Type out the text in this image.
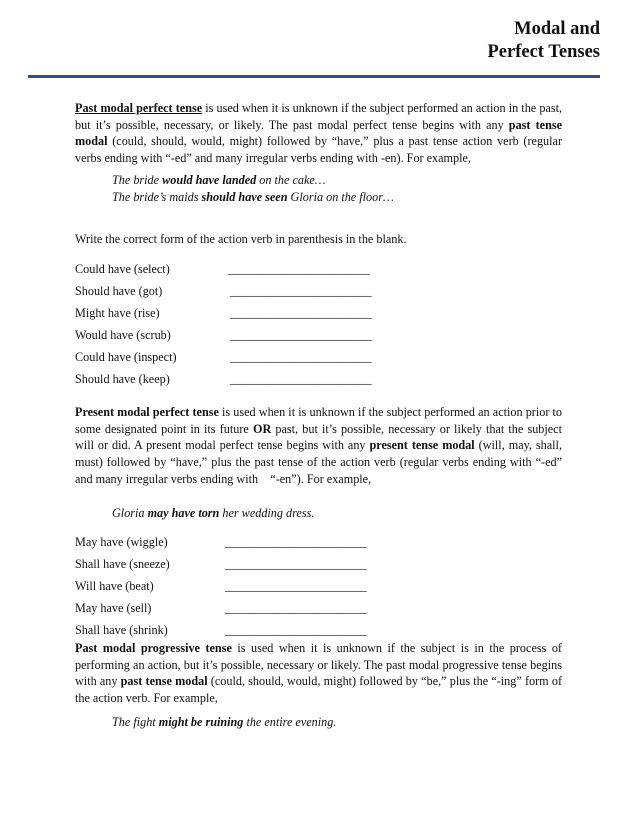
Modal and
Perfect Tenses

Past modal perfect tense is used when it is unknown if the subject performed an action in the past, but it’s possible, necessary, or likely. The past modal perfect tense begins with any past tense modal (could, should, would, might) followed by “have,” plus a past tense action verb (regular verbs ending with “-ed” and many irregular verbs ending with -en). For example,

The bride would have landed on the cake…
The bride’s maids should have seen Gloria on the floor…
Write the correct form of the action verb in parenthesis in the blank.
Could have (select)	________________________
Should have (got)	________________________
Might have (rise)	________________________
Would have (scrub)	________________________
Could have (inspect)	________________________
Should have (keep)	________________________

Present modal perfect tense is used when it is unknown if the subject performed an action prior to some designated point in its future OR past, but it’s possible, necessary or likely that the subject will or did. A present modal perfect tense begins with any present tense modal (will, may, shall, must) followed by “have,” plus the past tense of the action verb (regular verbs ending with “-ed” and many irregular verbs ending with    “-en”). For example,

Gloria may have torn her wedding dress.
May have (wiggle)	________________________
Shall have (sneeze)	________________________
Will have (beat)	________________________
May have (sell)	________________________
Shall have (shrink)	________________________

Past modal progressive tense is used when it is unknown if the subject is in the process of performing an action, but it’s possible, necessary or likely. The past modal progressive tense begins with any past tense modal (could, should, would, might) followed by “be,” plus the “-ing” form of the action verb. For example,

The fight might be ruining the entire evening.
